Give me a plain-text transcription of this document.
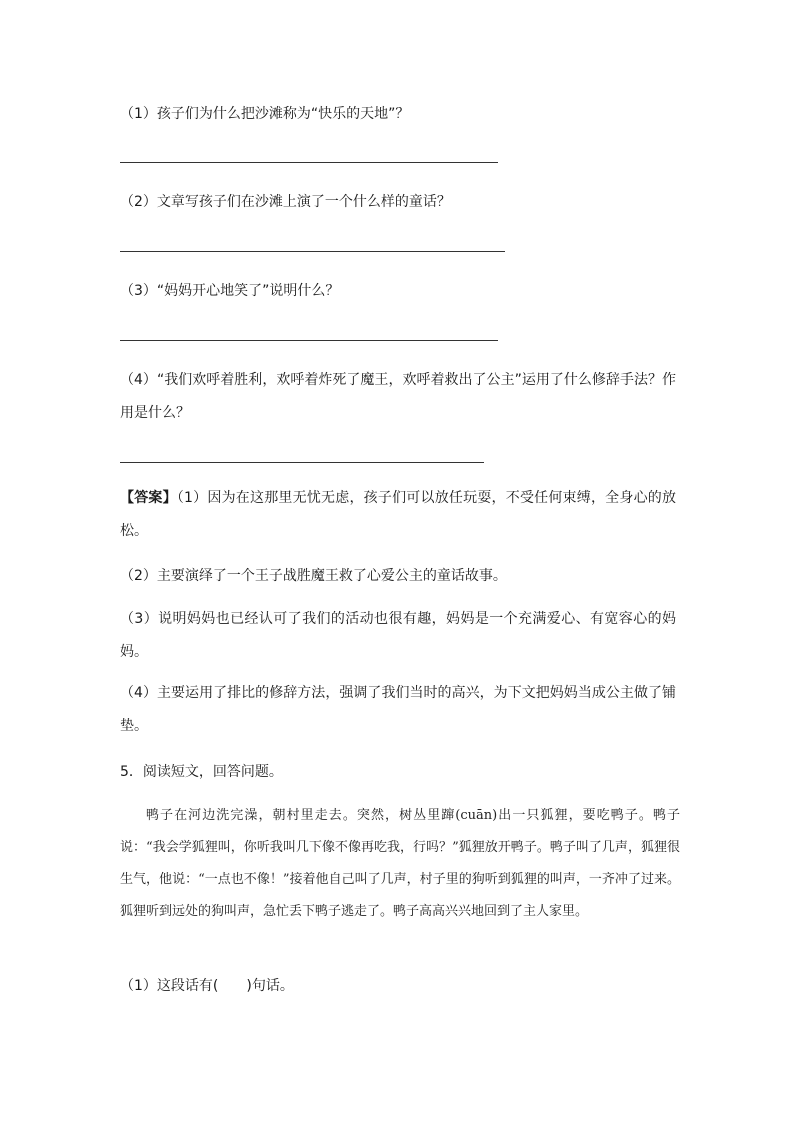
（1）孩子们为什么把沙滩称为“快乐的天地”？
（2）文章写孩子们在沙滩上演了一个什么样的童话？
（3）“妈妈开心地笑了”说明什么？
（4）“我们欢呼着胜利，欢呼着炸死了魔王，欢呼着救出了公主”运用了什么修辞手法？作用是什么？
【答案】（1）因为在这那里无忧无虑，孩子们可以放任玩耍，不受任何束缚，全身心的放松。
（2）主要演绎了一个王子战胜魔王救了心爱公主的童话故事。
（3）说明妈妈也已经认可了我们的活动也很有趣，妈妈是一个充满爱心、有宽容心的妈妈。
（4）主要运用了排比的修辞方法，强调了我们当时的高兴，为下文把妈妈当成公主做了铺垫。
5．阅读短文，回答问题。
鸭子在河边洗完澡，朝村里走去。突然，树丛里蹿(cuān)出一只狐狸，要吃鸭子。鸭子说：“我会学狐狸叫，你听我叫几下像不像再吃我，行吗？”狐狸放开鸭子。鸭子叫了几声，狐狸很生气，他说：“一点也不像！”接着他自己叫了几声，村子里的狗听到狐狸的叫声，一齐冲了过来。狐狸听到远处的狗叫声，急忙丢下鸭子逃走了。鸭子高高兴兴地回到了主人家里。
（1）这段话有(　　)句话。
